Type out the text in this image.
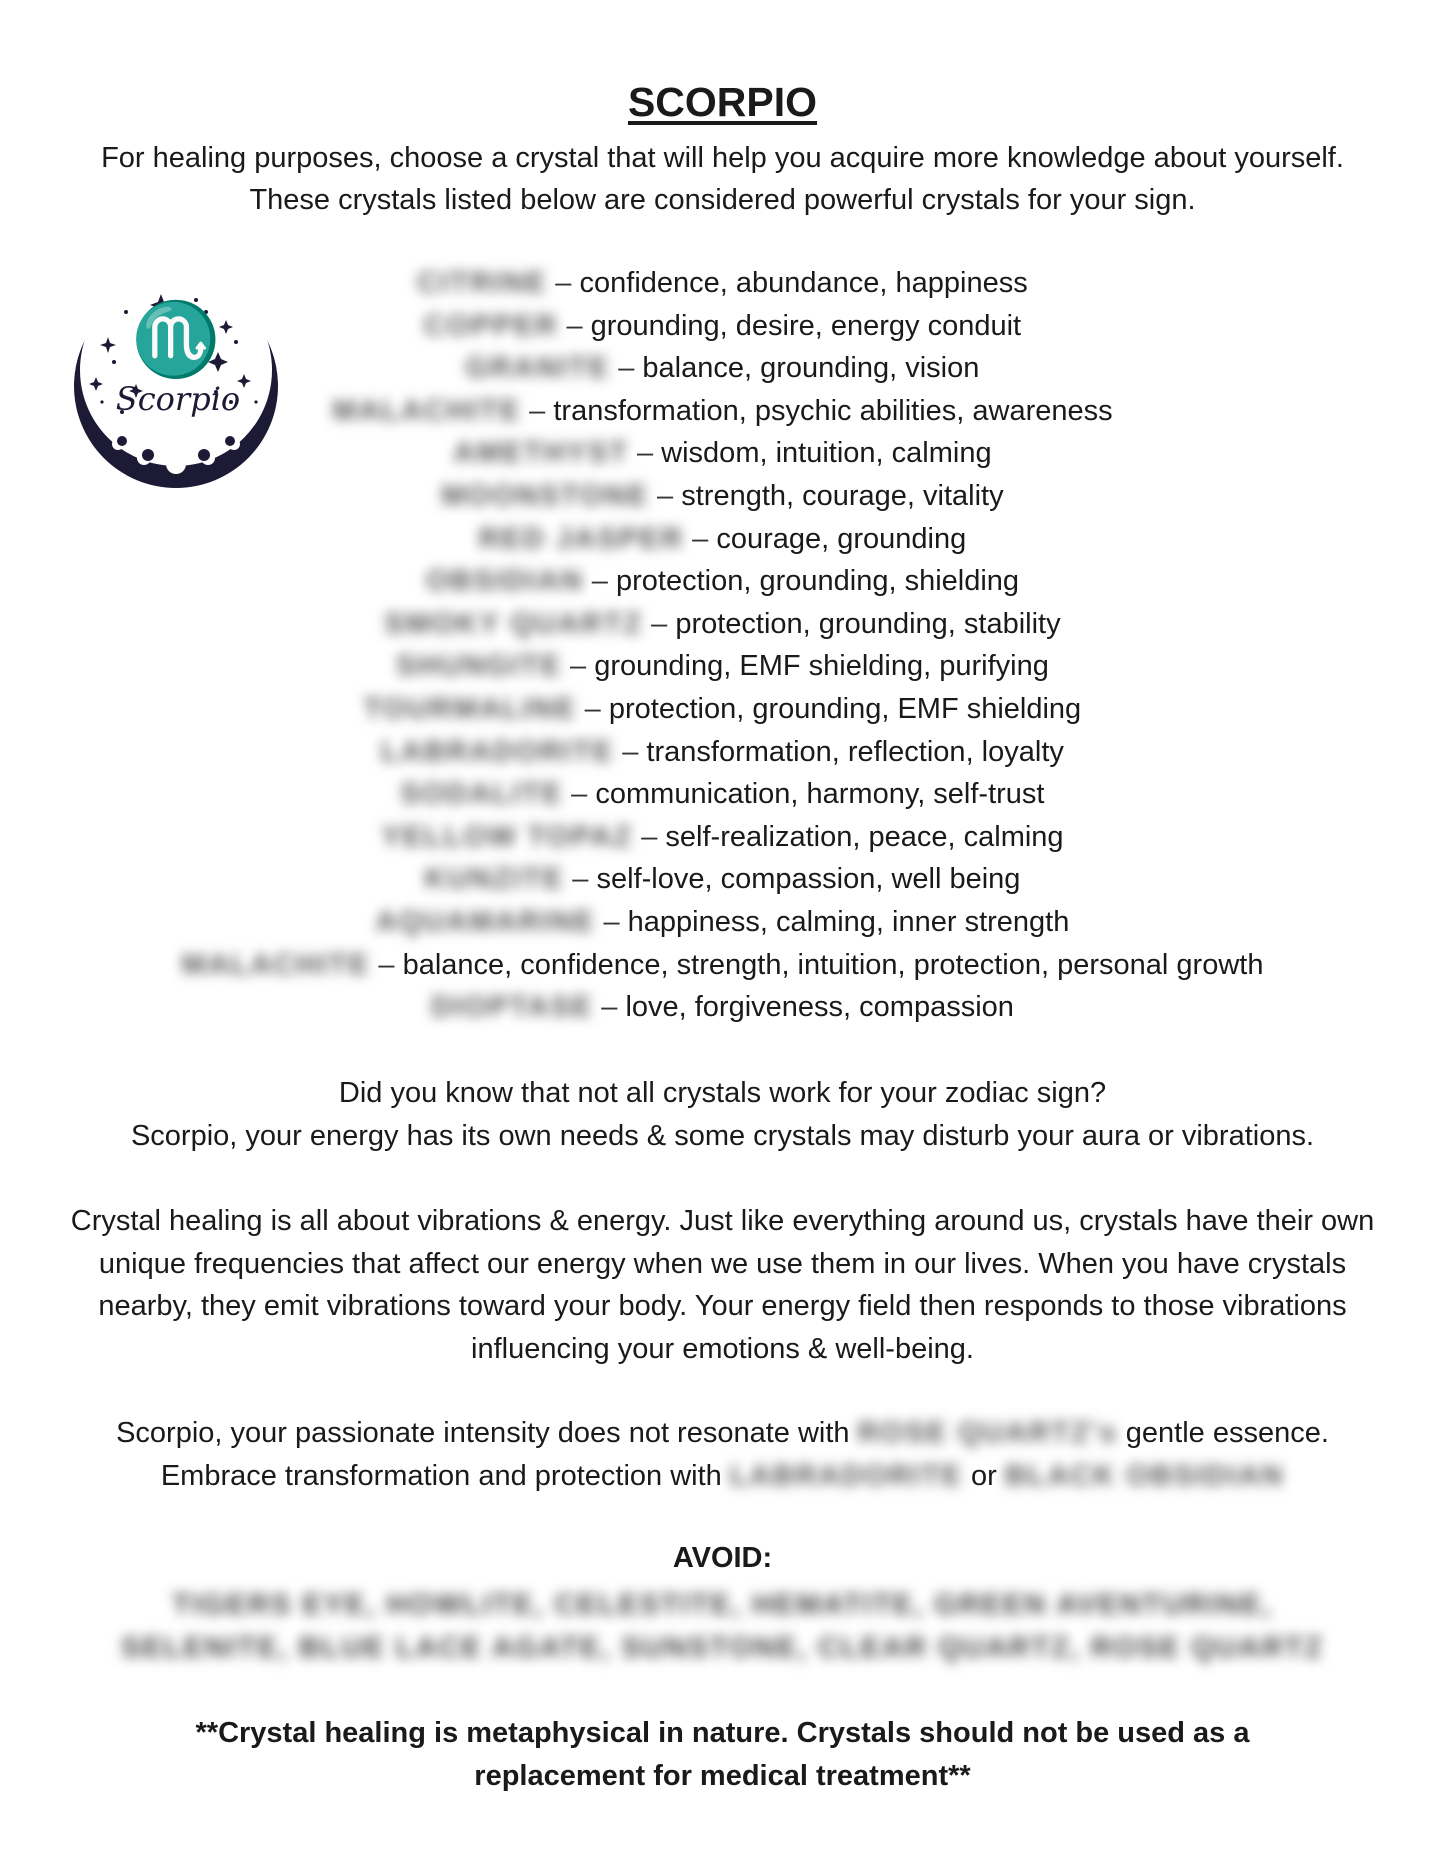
SCORPIO

For healing purposes, choose a crystal that will help you acquire more knowledge about yourself. These crystals listed below are considered powerful crystals for your sign.

♏
Scorpio
CITRINE – confidence, abundance, happiness
COPPER – grounding, desire, energy conduit
GRANITE – balance, grounding, vision
MALACHITE – transformation, psychic abilities, awareness
AMETHYST – wisdom, intuition, calming
MOONSTONE – strength, courage, vitality
RED JASPER – courage, grounding
OBSIDIAN – protection, grounding, shielding
SMOKY QUARTZ – protection, grounding, stability
SHUNGITE – grounding, EMF shielding, purifying
TOURMALINE – protection, grounding, EMF shielding
LABRADORITE – transformation, reflection, loyalty
SODALITE – communication, harmony, self-trust
YELLOW TOPAZ – self-realization, peace, calming
KUNZITE – self-love, compassion, well being
AQUAMARINE – happiness, calming, inner strength
MALACHITE – balance, confidence, strength, intuition, protection, personal growth
DIOPTASE – love, forgiveness, compassion
Did you know that not all crystals work for your zodiac sign?
Scorpio, your energy has its own needs & some crystals may disturb your aura or vibrations.

Crystal healing is all about vibrations & energy. Just like everything around us, crystals have their own unique frequencies that affect our energy when we use them in our lives. When you have crystals nearby, they emit vibrations toward your body. Your energy field then responds to those vibrations influencing your emotions & well-being.

Scorpio, your passionate intensity does not resonate with ROSE QUARTZ's gentle essence.
Embrace transformation and protection with LABRADORITE or BLACK OBSIDIAN
AVOID:

TIGERS EYE, HOWLITE, CELESTITE, HEMATITE, GREEN AVENTURINE, SELENITE, BLUE LACE AGATE, SUNSTONE, CLEAR QUARTZ, ROSE QUARTZ

**Crystal healing is metaphysical in nature. Crystals should not be used as a replacement for medical treatment**
